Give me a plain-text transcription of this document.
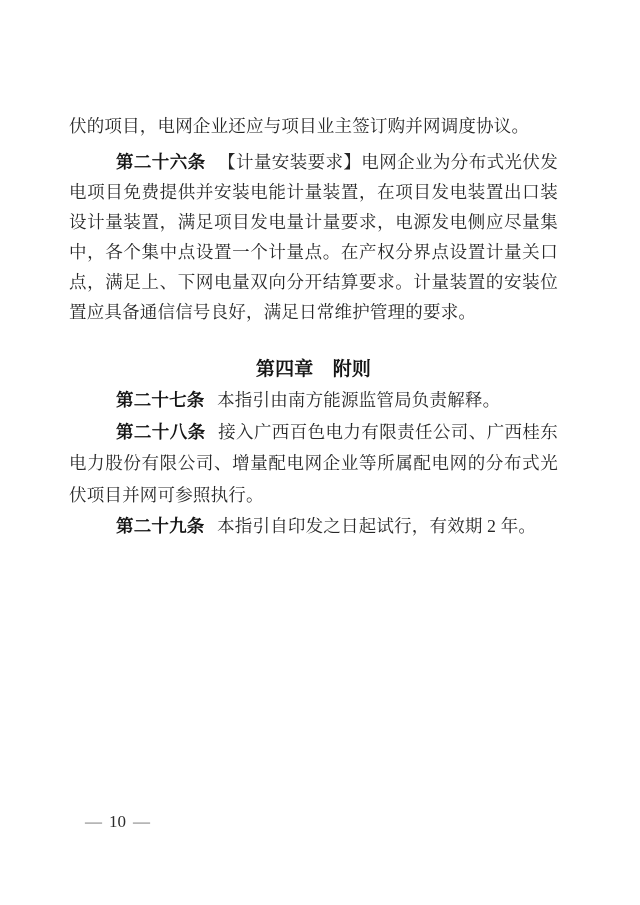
伏的项目，电网企业还应与项目业主签订购并网调度协议。

第二十六条 【计量安装要求】电网企业为分布式光伏发电项目免费提供并安装电能计量装置，在项目发电装置出口装设计量装置，满足项目发电量计量要求，电源发电侧应尽量集中，各个集中点设置一个计量点。在产权分界点设置计量关口点，满足上、下网电量双向分开结算要求。计量装置的安装位置应具备通信信号良好，满足日常维护管理的要求。

第四章　附则

第二十七条 本指引由南方能源监管局负责解释。

第二十八条 接入广西百色电力有限责任公司、广西桂东电力股份有限公司、增量配电网企业等所属配电网的分布式光伏项目并网可参照执行。

第二十九条 本指引自印发之日起试行，有效期 2 年。

— 10 —
